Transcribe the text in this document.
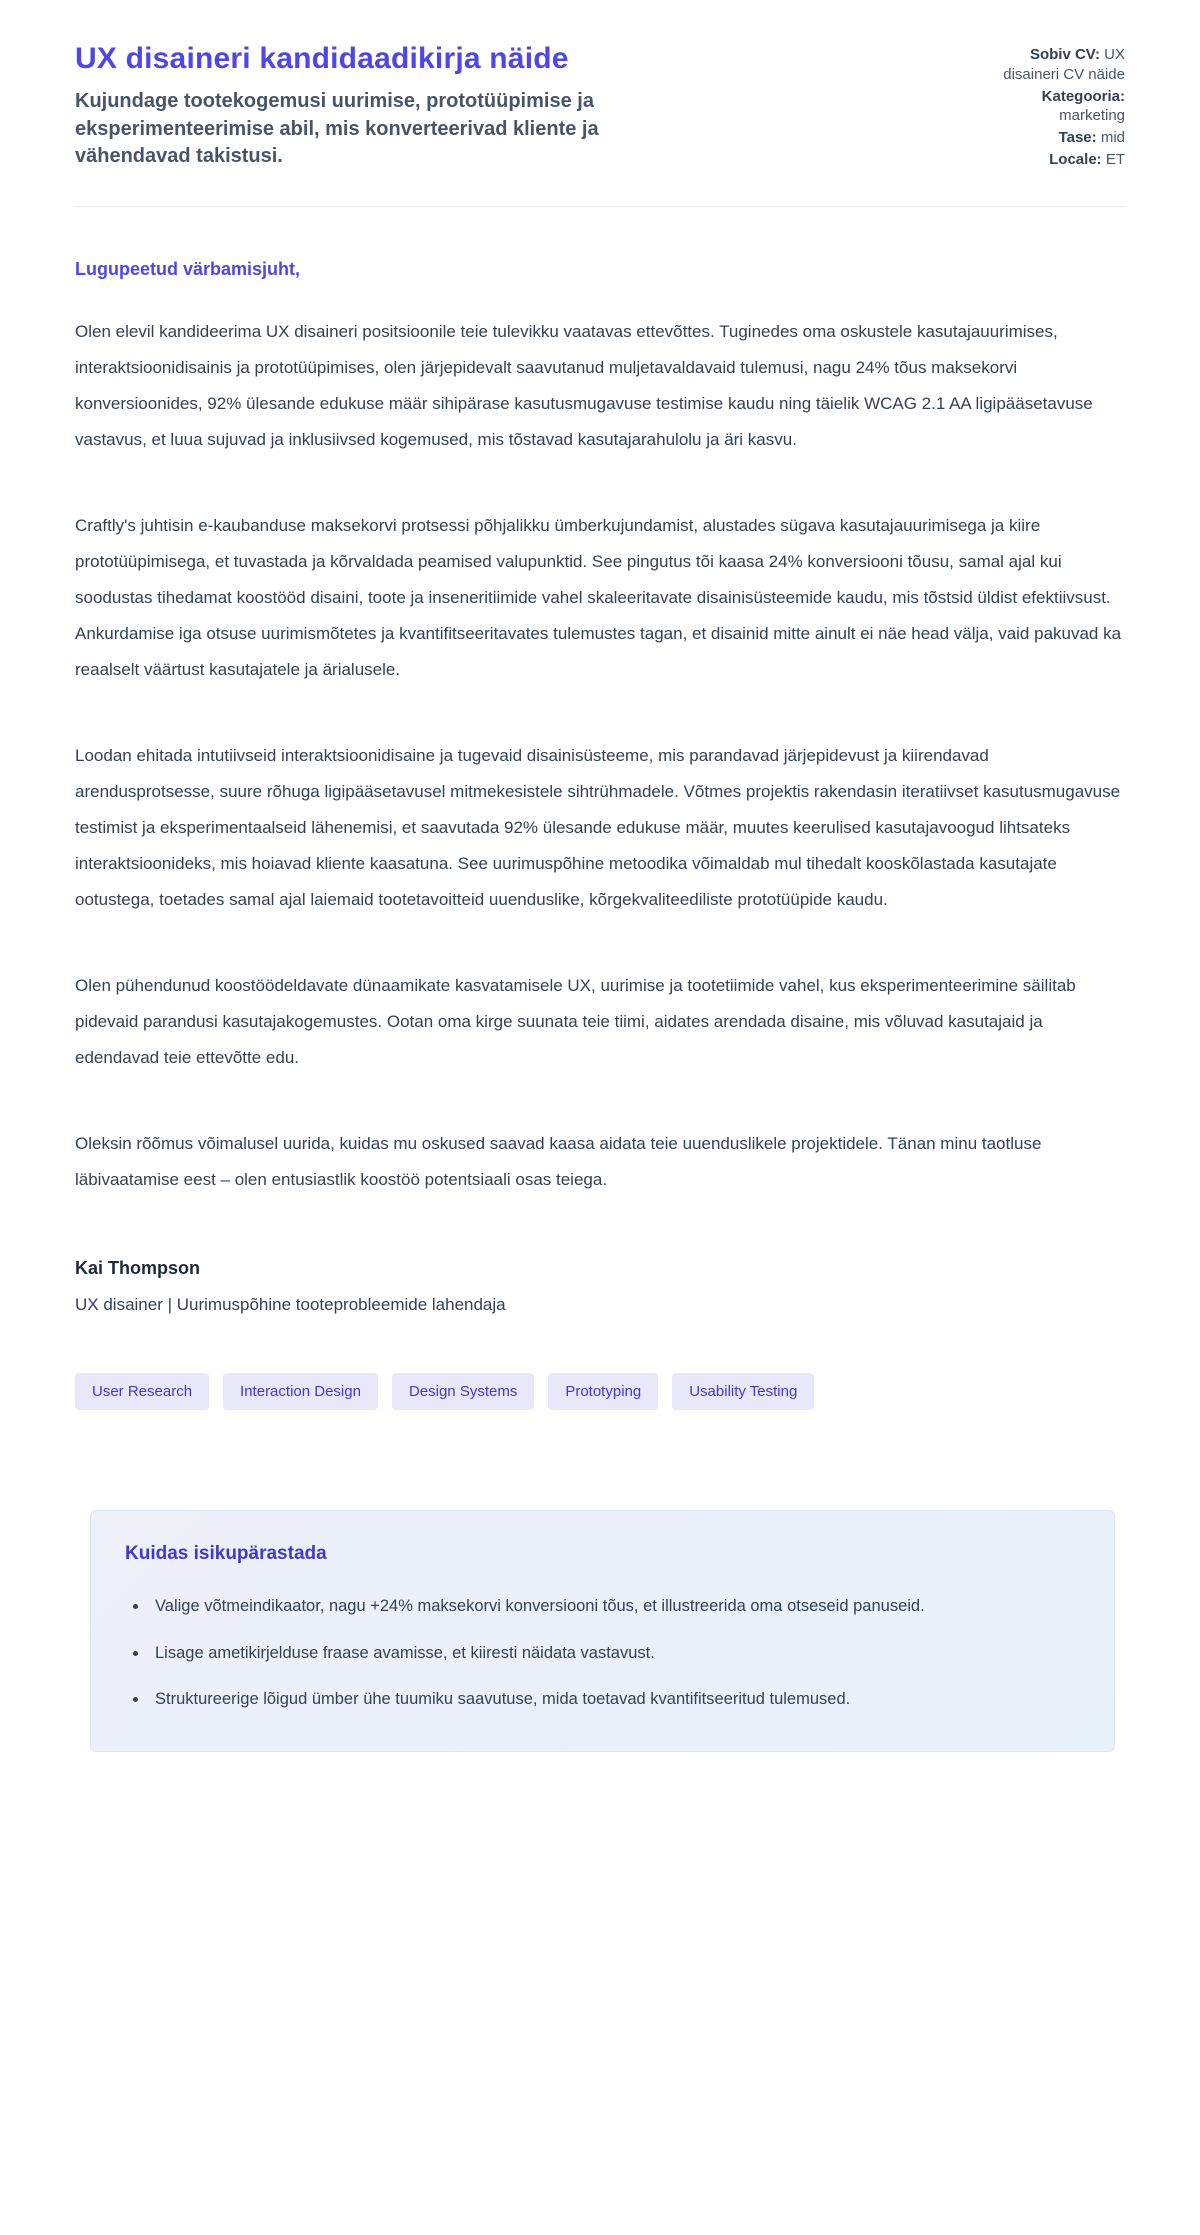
UX disaineri kandidaadikirja näide

Kujundage tootekogemusi uurimise, prototüüpimise ja eksperimenteerimise abil, mis konverteerivad kliente ja vähendavad takistusi.

Sobiv CV: UX disaineri CV näide
Kategooria: marketing
Tase: mid
Locale: ET

Lugupeetud värbamisjuht,

Olen elevil kandideerima UX disaineri positsioonile teie tulevikku vaatavas ettevõttes. Tuginedes oma oskustele kasutajauurimises, interaktsioonidisainis ja prototüüpimises, olen järjepidevalt saavutanud muljetavaldavaid tulemusi, nagu 24% tõus maksekorvi konversioonides, 92% ülesande edukuse määr sihipärase kasutusmugavuse testimise kaudu ning täielik WCAG 2.1 AA ligipääsetavuse vastavus, et luua sujuvad ja inklusiivsed kogemused, mis tõstavad kasutajarahulolu ja äri kasvu.

Craftly's juhtisin e-kaubanduse maksekorvi protsessi põhjalikku ümberkujundamist, alustades sügava kasutajauurimisega ja kiire prototüüpimisega, et tuvastada ja kõrvaldada peamised valupunktid. See pingutus tõi kaasa 24% konversiooni tõusu, samal ajal kui soodustas tihedamat koostööd disaini, toote ja inseneritiimide vahel skaleeritavate disainisüsteemide kaudu, mis tõstsid üldist efektiivsust. Ankurdamise iga otsuse uurimismõtetes ja kvantifitseeritavates tulemustes tagan, et disainid mitte ainult ei näe head välja, vaid pakuvad ka reaalselt väärtust kasutajatele ja ärialusele.

Loodan ehitada intutiivseid interaktsioonidisaine ja tugevaid disainisüsteeme, mis parandavad järjepidevust ja kiirendavad arendusprotsesse, suure rõhuga ligipääsetavusel mitmekesistele sihtrühmadele. Võtmes projektis rakendasin iteratiivset kasutusmugavuse testimist ja eksperimentaalseid lähenemisi, et saavutada 92% ülesande edukuse määr, muutes keerulised kasutajavoogud lihtsateks interaktsioonideks, mis hoiavad kliente kaasatuna. See uurimuspõhine metoodika võimaldab mul tihedalt kooskõlastada kasutajate ootustega, toetades samal ajal laiemaid tootetavoitteid uuenduslike, kõrgekvaliteediliste prototüüpide kaudu.

Olen pühendunud koostöödeldavate dünaamikate kasvatamisele UX, uurimise ja tootetiimide vahel, kus eksperimenteerimine säilitab pidevaid parandusi kasutajakogemustes. Ootan oma kirge suunata teie tiimi, aidates arendada disaine, mis võluvad kasutajaid ja edendavad teie ettevõtte edu.

Oleksin rõõmus võimalusel uurida, kuidas mu oskused saavad kaasa aidata teie uuenduslikele projektidele. Tänan minu taotluse läbivaatamise eest – olen entusiastlik koostöö potentsiaali osas teiega.

Kai Thompson

UX disainer | Uurimuspõhine tooteprobleemide lahendaja

User Research	Interaction Design	Design Systems	Prototyping	Usability Testing
Kuidas isikupärastada
• Valige võtmeindikaator, nagu +24% maksekorvi konversiooni tõus, et illustreerida oma otseseid panuseid.
• Lisage ametikirjelduse fraase avamisse, et kiiresti näidata vastavust.
• Struktureerige lõigud ümber ühe tuumiku saavutuse, mida toetavad kvantifitseeritud tulemused.
